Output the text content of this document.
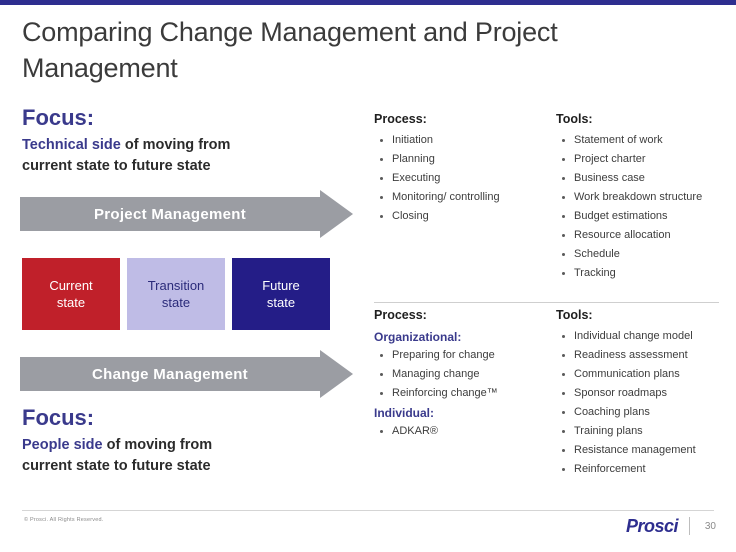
Comparing Change Management and Project Management
Focus:
Technical side of moving from
current state to future state
Project Management
Current
state
Transition
state
Future
state
Change Management
Focus:
People side of moving from
current state to future state
Process:
Initiation
Planning
Executing
Monitoring/ controlling
Closing
Tools:
Statement of work
Project charter
Business case
Work breakdown structure
Budget estimations
Resource allocation
Schedule
Tracking
Process:
Organizational:
Preparing for change
Managing change
Reinforcing change™
Individual:
ADKAR®
Tools:
Individual change model
Readiness assessment
Communication plans
Sponsor roadmaps
Coaching plans
Training plans
Resistance management
Reinforcement
© Prosci. All Rights Reserved.	Prosci	30
